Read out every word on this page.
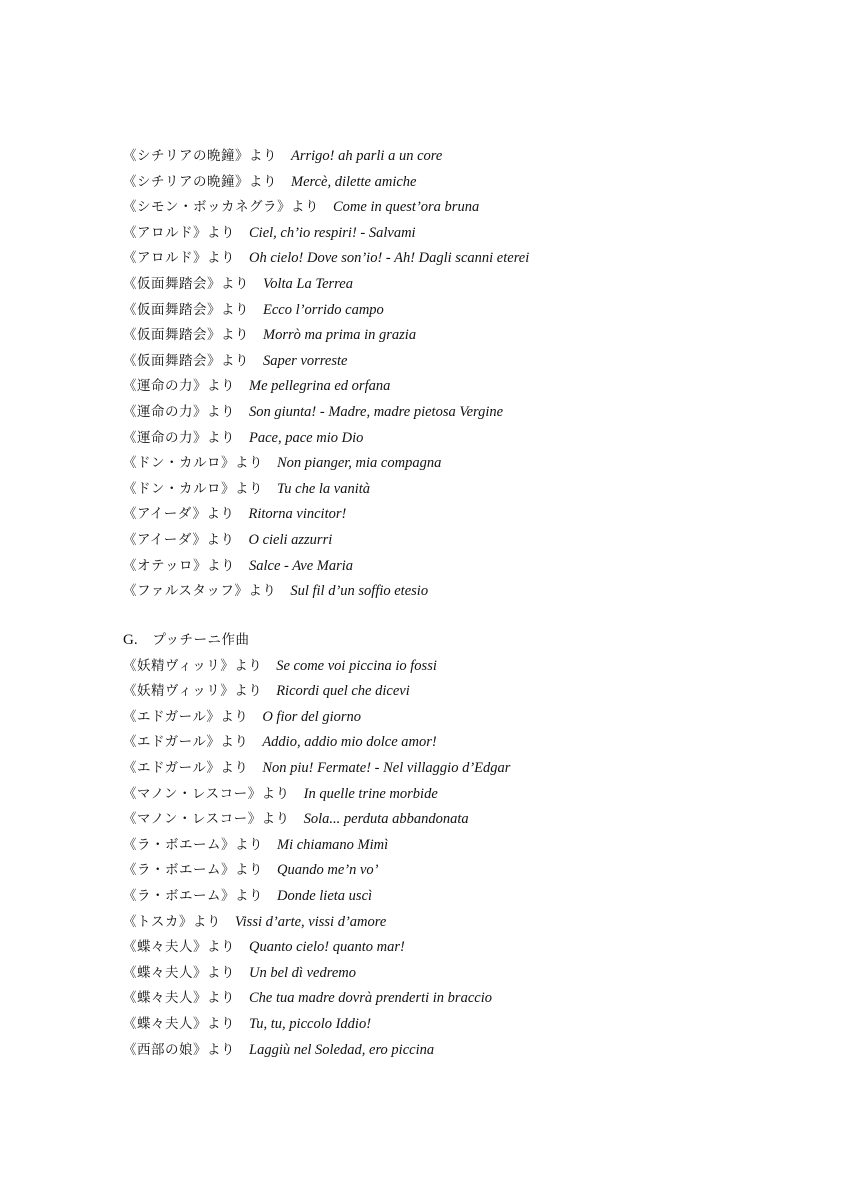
《シチリアの晩鐘》より Arrigo! ah parli a un core
《シチリアの晩鐘》より Mercè, dilette amiche
《シモン・ボッカネグラ》より Come in quest’ora bruna
《アロルド》より Ciel, ch’io respiri! - Salvami
《アロルド》より Oh cielo! Dove son’io! - Ah! Dagli scanni eterei
《仮面舞踏会》より Volta La Terrea
《仮面舞踏会》より Ecco l’orrido campo
《仮面舞踏会》より Morrò ma prima in grazia
《仮面舞踏会》より Saper vorreste
《運命の力》より Me pellegrina ed orfana
《運命の力》より Son giunta! - Madre, madre pietosa Vergine
《運命の力》より Pace, pace mio Dio
《ドン・カルロ》より Non pianger, mia compagna
《ドン・カルロ》より Tu che la vanità
《アイーダ》より Ritorna vincitor!
《アイーダ》より O cieli azzurri
《オテッロ》より Salce - Ave Maria
《ファルスタッフ》より Sul fil d’un soffio etesio
G. プッチーニ作曲
《妖精ヴィッリ》より Se come voi piccina io fossi
《妖精ヴィッリ》より Ricordi quel che dicevi
《エドガール》より O fior del giorno
《エドガール》より Addio, addio mio dolce amor!
《エドガール》より Non piu! Fermate! - Nel villaggio d’Edgar
《マノン・レスコー》より In quelle trine morbide
《マノン・レスコー》より Sola... perduta abbandonata
《ラ・ボエーム》より Mi chiamano Mimì
《ラ・ボエーム》より Quando me’n vo’
《ラ・ボエーム》より Donde lieta uscì
《トスカ》より Vissi d’arte, vissi d’amore
《蝶々夫人》より Quanto cielo! quanto mar!
《蝶々夫人》より Un bel dì vedremo
《蝶々夫人》より Che tua madre dovrà prenderti in braccio
《蝶々夫人》より Tu, tu, piccolo Iddio!
《西部の娘》より Laggiù nel Soledad, ero piccina
